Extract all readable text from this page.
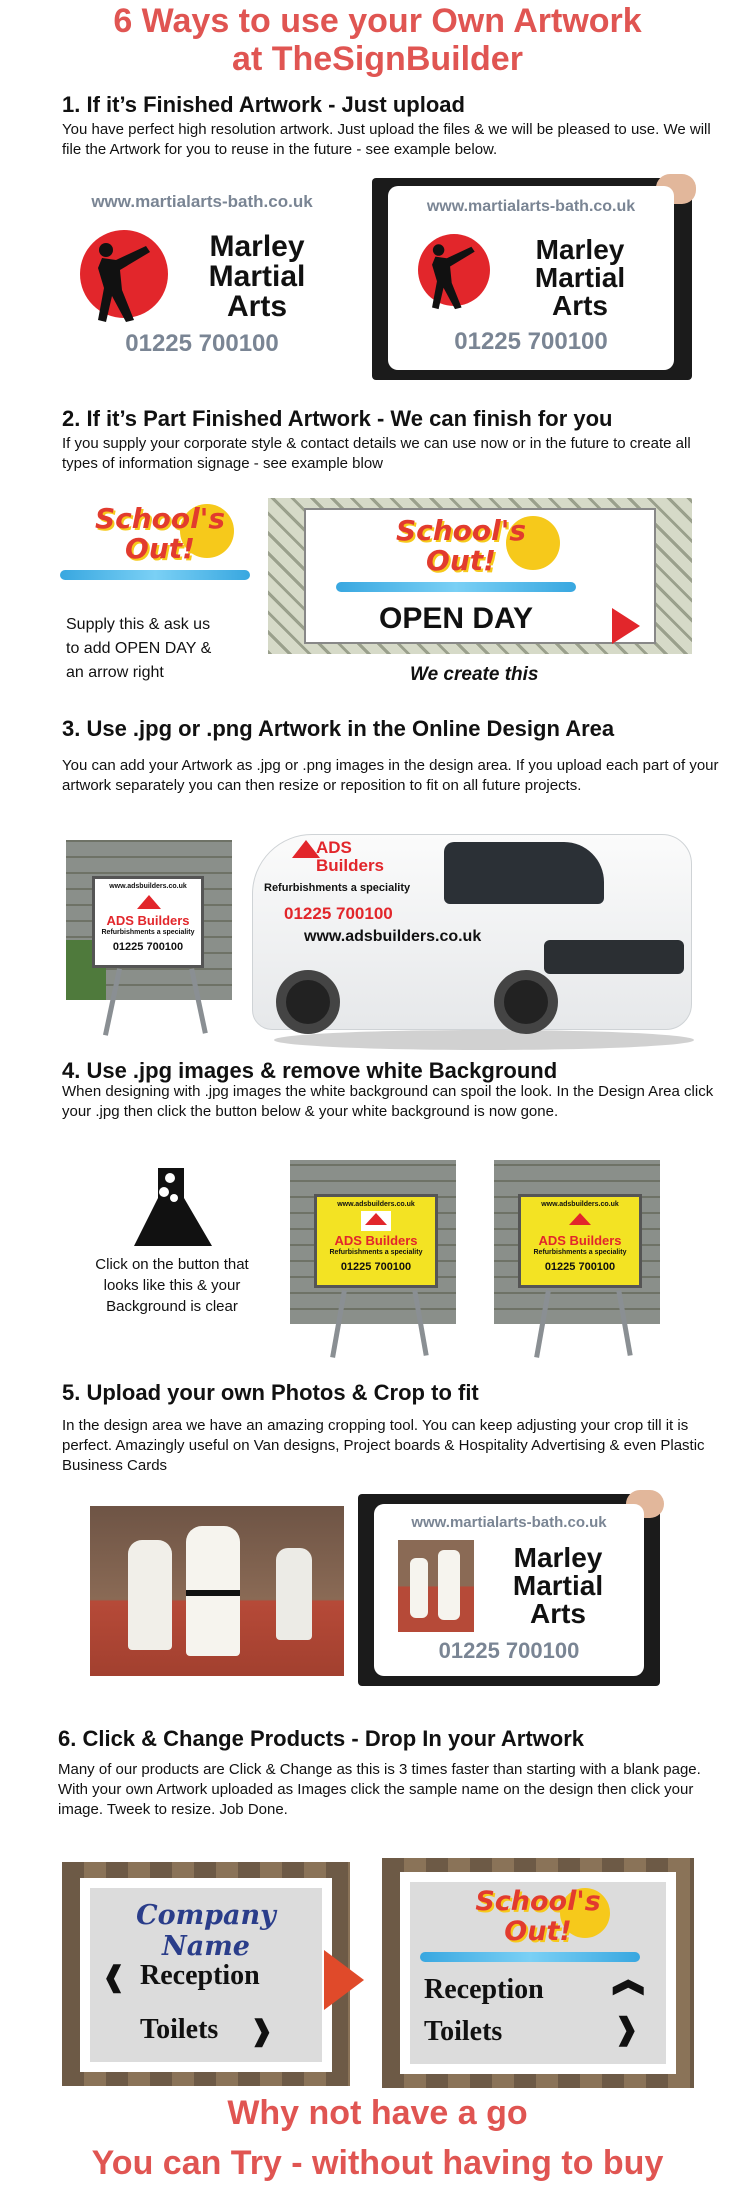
6 Ways to use your Own Artwork
at TheSignBuilder
1. If it’s Finished Artwork - Just upload
You have perfect high resolution artwork. Just upload the files & we will be pleased to use. We will file the Artwork for you to reuse in the future - see example below.
www.martialarts-bath.co.uk
Marley
Martial
Arts
01225 700100
www.martialarts-bath.co.uk
Marley
Martial
Arts
01225 700100
2. If it’s Part Finished Artwork - We can finish for you
If you supply your corporate style & contact details we can use now or in the future to create all types of information signage - see example blow
School's
Out!
Supply this & ask us
to add OPEN DAY &
an arrow right
School's
Out!
OPEN DAY
We create this
3. Use .jpg or .png Artwork in the Online Design Area
You can add your Artwork as .jpg or .png images in the design area. If you upload each part of your artwork separately you can then resize or reposition to fit on all future projects.
www.adsbuilders.co.uk
ADS Builders
Refurbishments a speciality
01225 700100
ADS
Builders
Refurbishments a speciality
01225 700100
www.adsbuilders.co.uk
4. Use .jpg images & remove white Background
When designing with .jpg images the white background can spoil the look. In the Design Area click your .jpg then click the button below & your white background is now gone.
Click on the button that
looks like this & your
Background is clear
www.adsbuilders.co.uk
ADS Builders
Refurbishments a speciality
01225 700100
www.adsbuilders.co.uk
ADS Builders
Refurbishments a speciality
01225 700100
5. Upload your own Photos & Crop to fit
In the design area we have an amazing cropping tool. You can keep adjusting your crop till it is perfect. Amazingly useful on Van designs, Project boards & Hospitality Advertising & even Plastic Business Cards
www.martialarts-bath.co.uk
Marley
Martial
Arts
01225 700100
6. Click & Change Products - Drop In your Artwork
Many of our products are Click & Change as this is 3 times faster than starting with a blank page. With your own Artwork uploaded as Images click the sample name on the design then click your image. Tweek to resize. Job Done.
Company Name
❰ Reception
Toilets ❱
School's
Out!
Reception ❱
Toilets	❱
Why not have a go
You can Try - without having to buy
